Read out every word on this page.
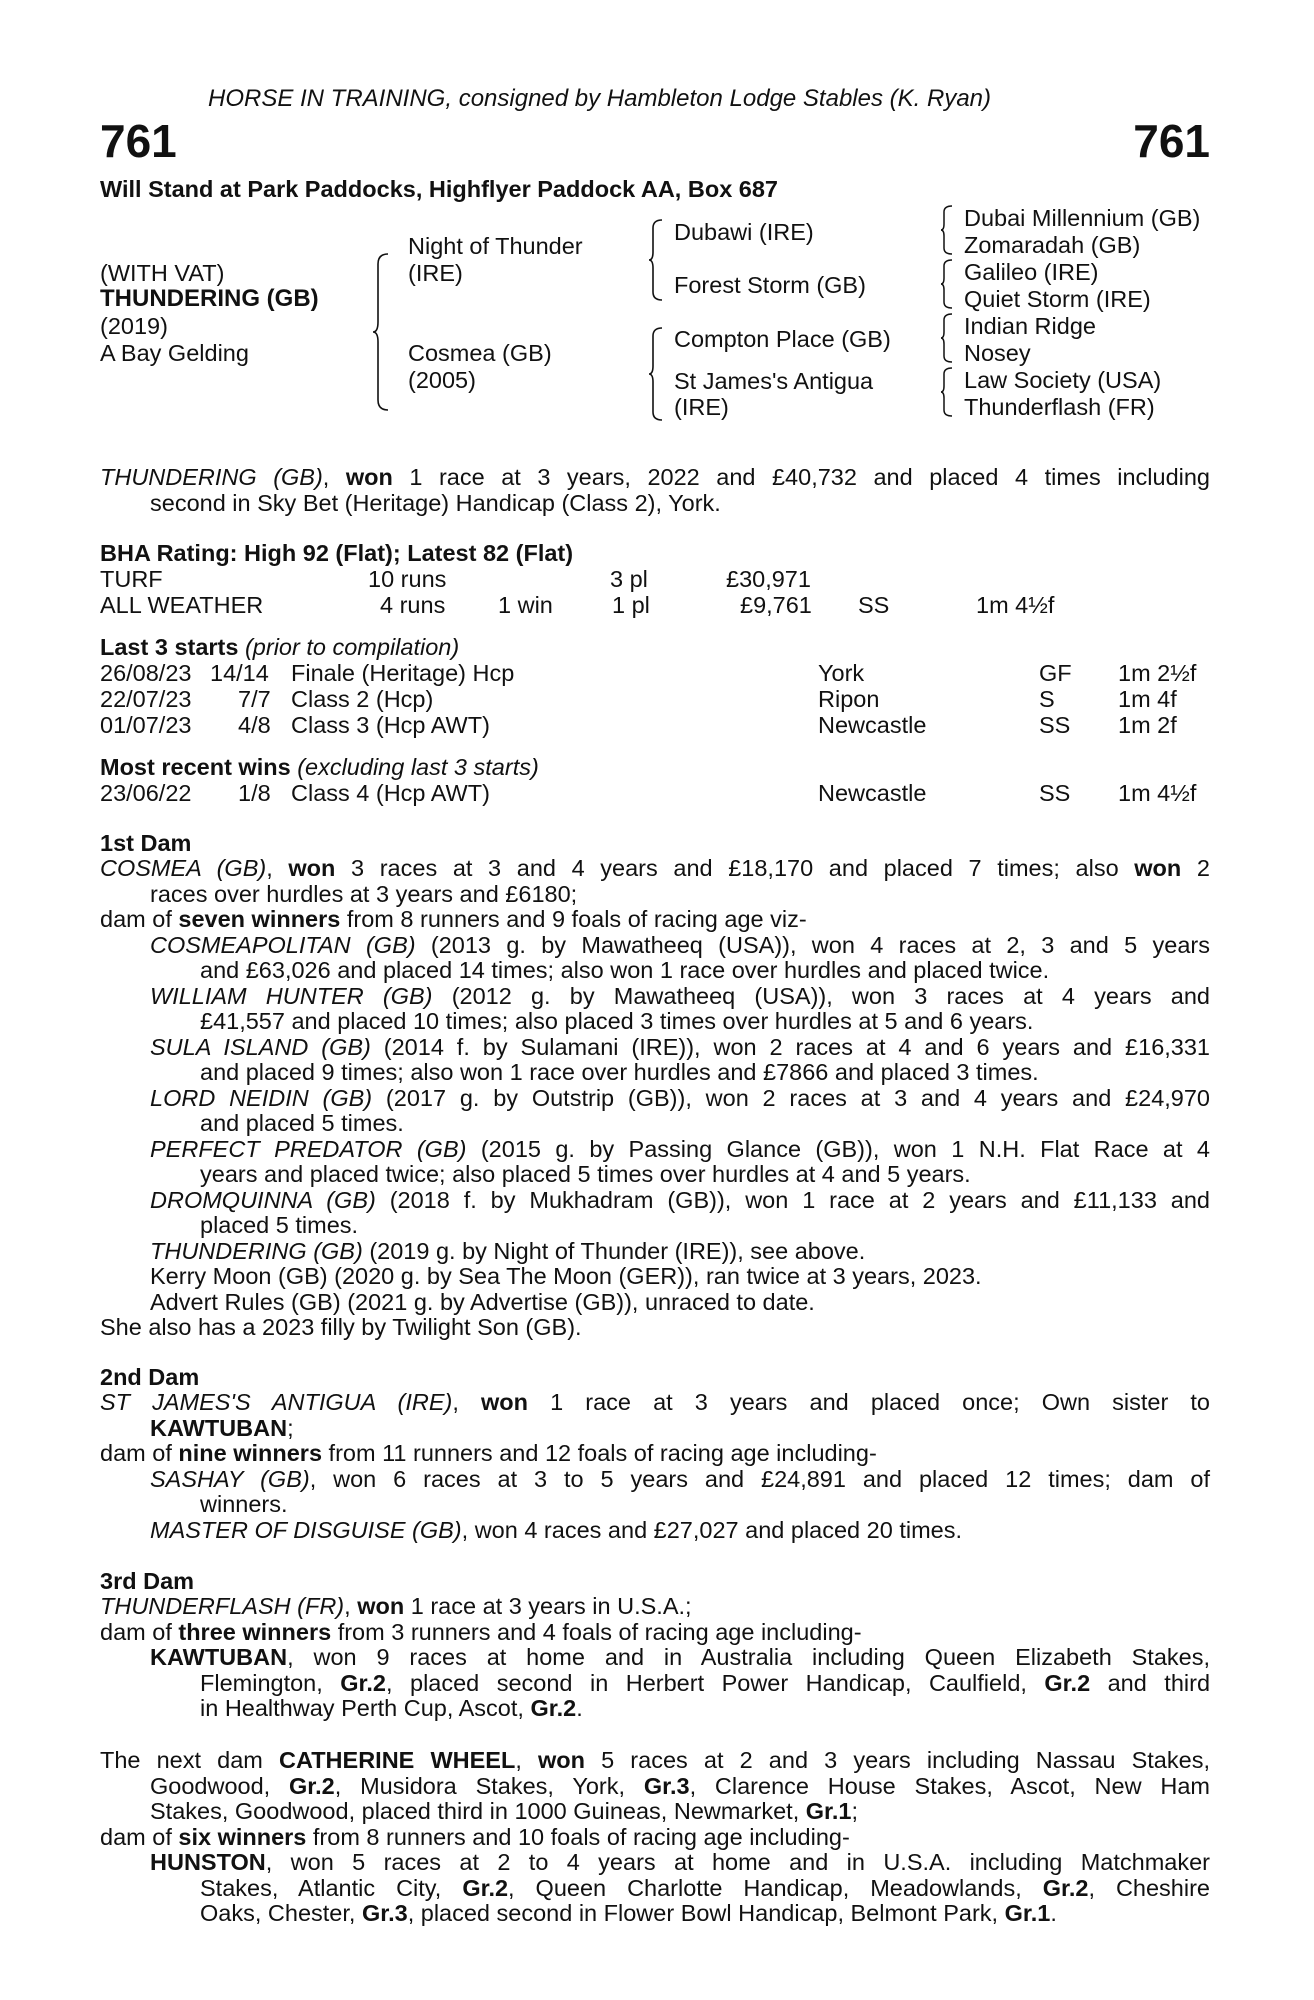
HORSE IN TRAINING, consigned by Hambleton Lodge Stables (K. Ryan)
761	761
Will Stand at Park Paddocks, Highflyer Paddock AA, Box 687
(WITH VAT)
THUNDERING (GB)
(2019)
A Bay Gelding
Night of Thunder
(IRE)
Cosmea (GB)
(2005)
Dubawi (IRE)
Forest Storm (GB)
Compton Place (GB)
St James's Antigua
(IRE)
Dubai Millennium (GB)
Zomaradah (GB)
Galileo (IRE)
Quiet Storm (IRE)
Indian Ridge
Nosey
Law Society (USA)
Thunderflash (FR)
THUNDERING (GB), won 1 race at 3 years, 2022 and £40,732 and placed 4 times including
second in Sky Bet (Heritage) Handicap (Class 2), York.
BHA Rating: High 92 (Flat); Latest 82 (Flat)
TURF	10 runs	3 pl	£30,971
ALL WEATHER	4 runs 1 win	1 pl	£9,761 SS	1m 4½f
Last 3 starts (prior to compilation)
26/08/23 14/14 Finale (Heritage) Hcp	York	GF 1m 2½f
22/07/23 7/7 Class 2 (Hcp)	Ripon	S	1m 4f
01/07/23 4/8 Class 3 (Hcp AWT)	Newcastle	SS 1m 2f
Most recent wins (excluding last 3 starts)
23/06/22 1/8 Class 4 (Hcp AWT)	Newcastle	SS 1m 4½f
1st Dam
COSMEA (GB), won 3 races at 3 and 4 years and £18,170 and placed 7 times; also won 2
races over hurdles at 3 years and £6180;
dam of seven winners from 8 runners and 9 foals of racing age viz-
COSMEAPOLITAN (GB) (2013 g. by Mawatheeq (USA)), won 4 races at 2, 3 and 5 years
and £63,026 and placed 14 times; also won 1 race over hurdles and placed twice.
WILLIAM HUNTER (GB) (2012 g. by Mawatheeq (USA)), won 3 races at 4 years and
£41,557 and placed 10 times; also placed 3 times over hurdles at 5 and 6 years.
SULA ISLAND (GB) (2014 f. by Sulamani (IRE)), won 2 races at 4 and 6 years and £16,331
and placed 9 times; also won 1 race over hurdles and £7866 and placed 3 times.
LORD NEIDIN (GB) (2017 g. by Outstrip (GB)), won 2 races at 3 and 4 years and £24,970
and placed 5 times.
PERFECT PREDATOR (GB) (2015 g. by Passing Glance (GB)), won 1 N.H. Flat Race at 4
years and placed twice; also placed 5 times over hurdles at 4 and 5 years.
DROMQUINNA (GB) (2018 f. by Mukhadram (GB)), won 1 race at 2 years and £11,133 and
placed 5 times.
THUNDERING (GB) (2019 g. by Night of Thunder (IRE)), see above.
Kerry Moon (GB) (2020 g. by Sea The Moon (GER)), ran twice at 3 years, 2023.
Advert Rules (GB) (2021 g. by Advertise (GB)), unraced to date.
She also has a 2023 filly by Twilight Son (GB).
2nd Dam
ST JAMES'S ANTIGUA (IRE), won 1 race at 3 years and placed once; Own sister to
KAWTUBAN;
dam of nine winners from 11 runners and 12 foals of racing age including-
SASHAY (GB), won 6 races at 3 to 5 years and £24,891 and placed 12 times; dam of
winners.
MASTER OF DISGUISE (GB), won 4 races and £27,027 and placed 20 times.
3rd Dam
THUNDERFLASH (FR), won 1 race at 3 years in U.S.A.;
dam of three winners from 3 runners and 4 foals of racing age including-
KAWTUBAN, won 9 races at home and in Australia including Queen Elizabeth Stakes,
Flemington, Gr.2, placed second in Herbert Power Handicap, Caulfield, Gr.2 and third
in Healthway Perth Cup, Ascot, Gr.2.
The next dam CATHERINE WHEEL, won 5 races at 2 and 3 years including Nassau Stakes,
Goodwood, Gr.2, Musidora Stakes, York, Gr.3, Clarence House Stakes, Ascot, New Ham
Stakes, Goodwood, placed third in 1000 Guineas, Newmarket, Gr.1;
dam of six winners from 8 runners and 10 foals of racing age including-
HUNSTON, won 5 races at 2 to 4 years at home and in U.S.A. including Matchmaker
Stakes, Atlantic City, Gr.2, Queen Charlotte Handicap, Meadowlands, Gr.2, Cheshire
Oaks, Chester, Gr.3, placed second in Flower Bowl Handicap, Belmont Park, Gr.1.
